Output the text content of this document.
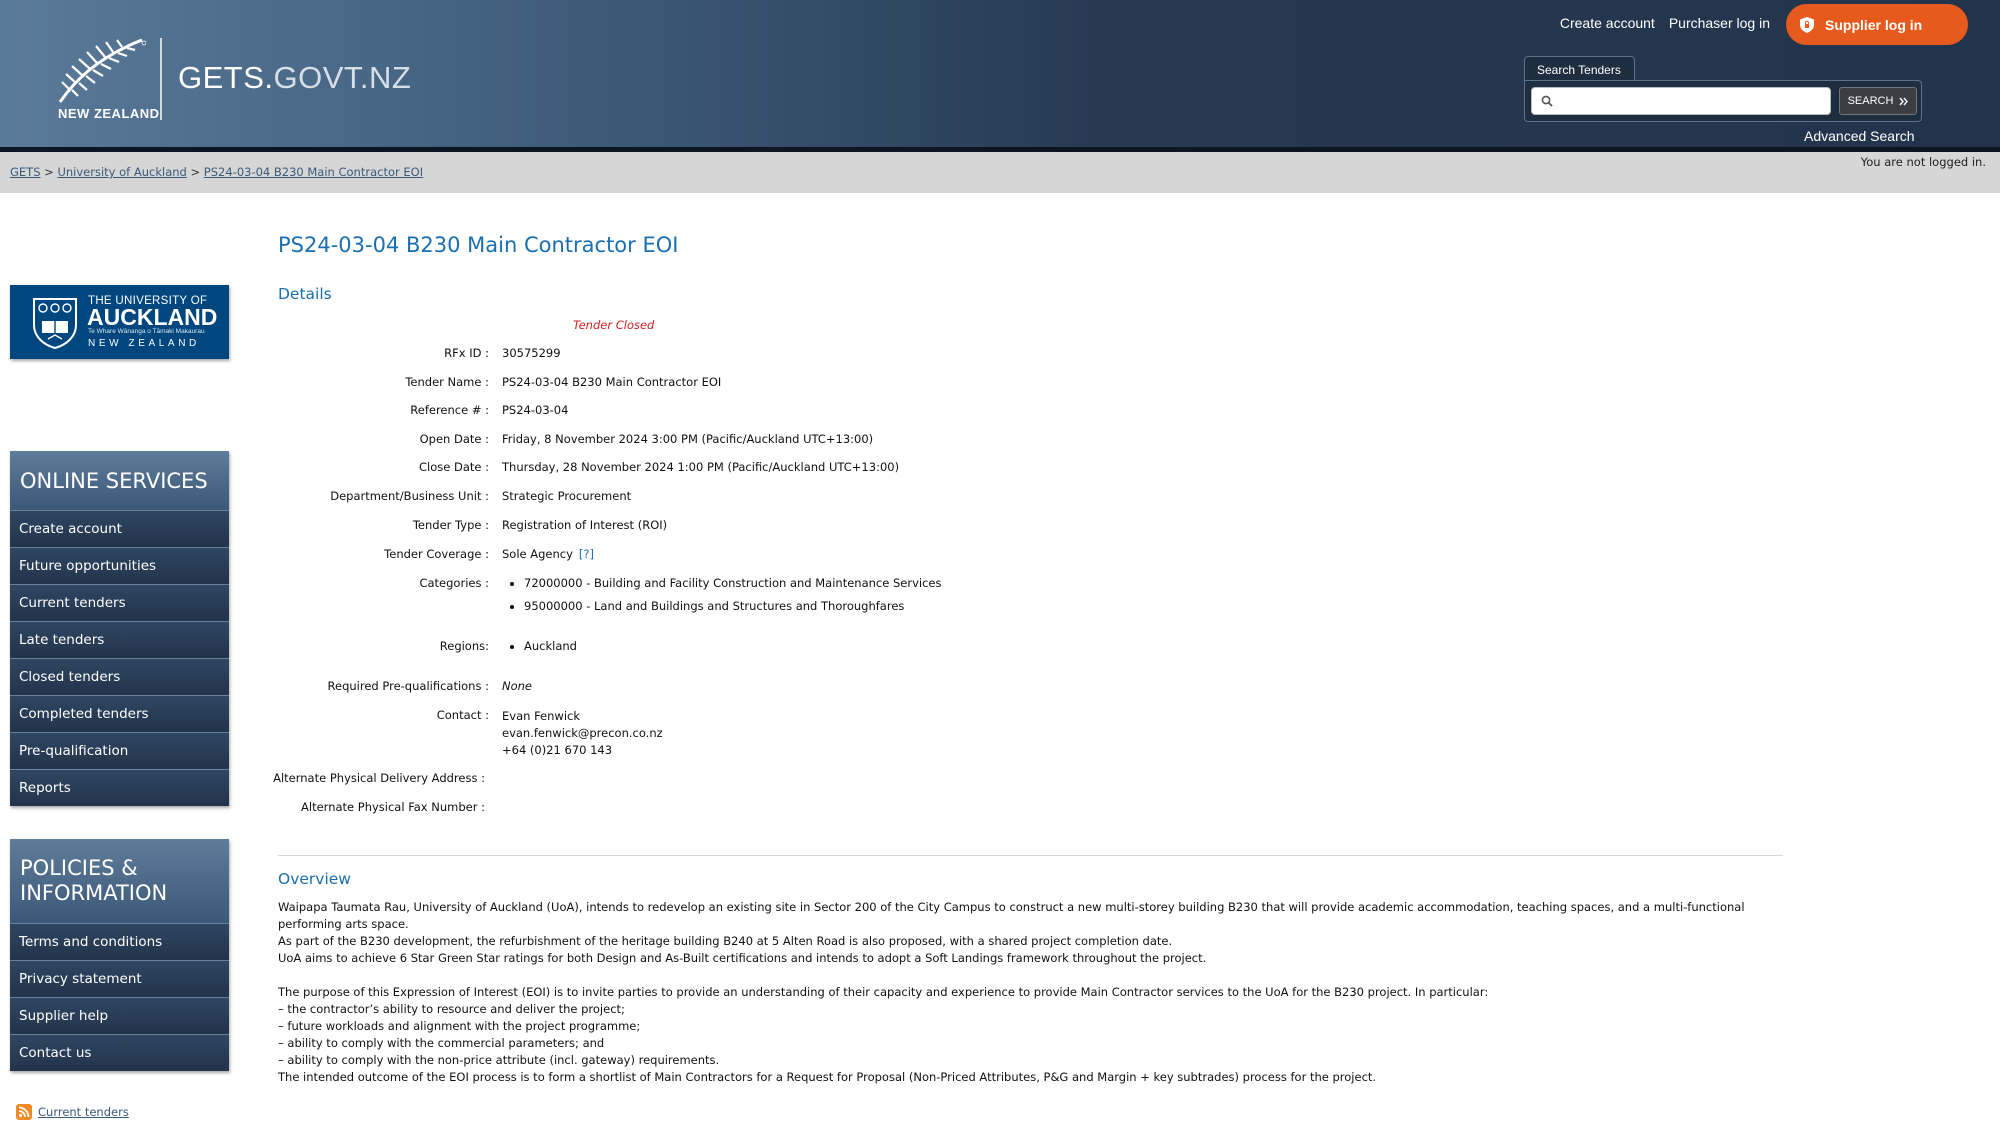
NEW ZEALAND
GETS.GOVT.NZ
Create account Purchaser log in	Supplier log in
Search Tenders
SEARCH
Advanced Search
GETS > University of Auckland > PS24-03-04 B230 Main Contractor EOI
You are not logged in.
THE UNIVERSITY OF
AUCKLAND
Te Whare Wānanga o Tāmaki Makaurau
NEW ZEALAND
ONLINE SERVICES
Create account
Future opportunities
Current tenders
Late tenders
Closed tenders
Completed tenders
Pre-qualification
Reports
POLICIES &
INFORMATION
Terms and conditions
Privacy statement
Supplier help
Contact us
Current tenders
PS24-03-04 B230 Main Contractor EOI
Details
Tender Closed
RFx ID : 30575299
Tender Name : PS24-03-04 B230 Main Contractor EOI
Reference # : PS24-03-04
Open Date : Friday, 8 November 2024 3:00 PM (Pacific/Auckland UTC+13:00)
Close Date : Thursday, 28 November 2024 1:00 PM (Pacific/Auckland UTC+13:00)
Department/Business Unit : Strategic Procurement
Tender Type : Registration of Interest (ROI)
Tender Coverage : Sole Agency [?]
Categories :	• 72000000 - Building and Facility Construction and Maintenance Services
• 95000000 - Land and Buildings and Structures and Thoroughfares
Regions:	• Auckland
Required Pre-qualifications : None
Contact : Evan Fenwick
evan.fenwick@precon.co.nz
+64 (0)21 670 143
Alternate Physical Delivery Address :
Alternate Physical Fax Number :
Overview

Waipapa Taumata Rau, University of Auckland (UoA), intends to redevelop an existing site in Sector 200 of the City Campus to construct a new multi-storey building B230 that will provide academic accommodation, teaching spaces, and a multi-functional performing arts space.

As part of the B230 development, the refurbishment of the heritage building B240 at 5 Alten Road is also proposed, with a shared project completion date.

UoA aims to achieve 6 Star Green Star ratings for both Design and As-Built certifications and intends to adopt a Soft Landings framework throughout the project.

The purpose of this Expression of Interest (EOI) is to invite parties to provide an understanding of their capacity and experience to provide Main Contractor services to the UoA for the B230 project. In particular:

– the contractor’s ability to resource and deliver the project;

– future workloads and alignment with the project programme;

– ability to comply with the commercial parameters; and

– ability to comply with the non-price attribute (incl. gateway) requirements.

The intended outcome of the EOI process is to form a shortlist of Main Contractors for a Request for Proposal (Non-Priced Attributes, P&G and Margin + key subtrades) process for the project.
